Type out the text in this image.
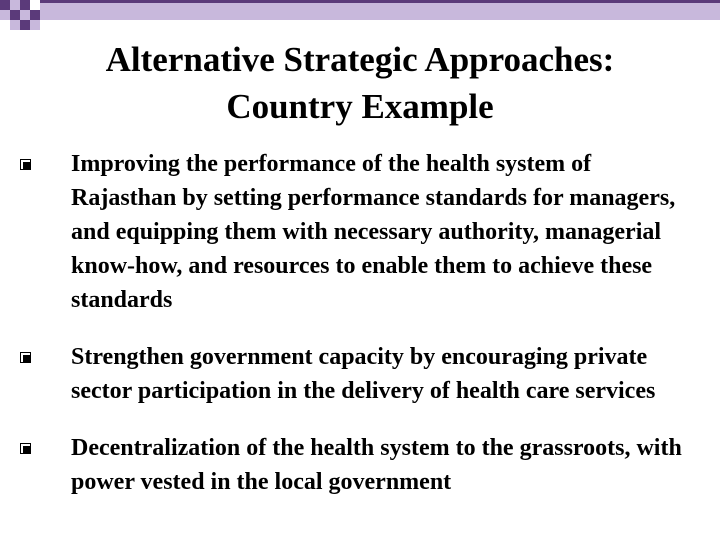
Alternative Strategic Approaches:
Country Example
Improving the performance of the health system of Rajasthan by setting performance standards for managers, and equipping them with necessary authority, managerial know-how, and resources to enable them to achieve these standards
Strengthen government capacity by encouraging private sector participation in the delivery of health care services
Decentralization of the health system to the grassroots, with power vested in the local government
